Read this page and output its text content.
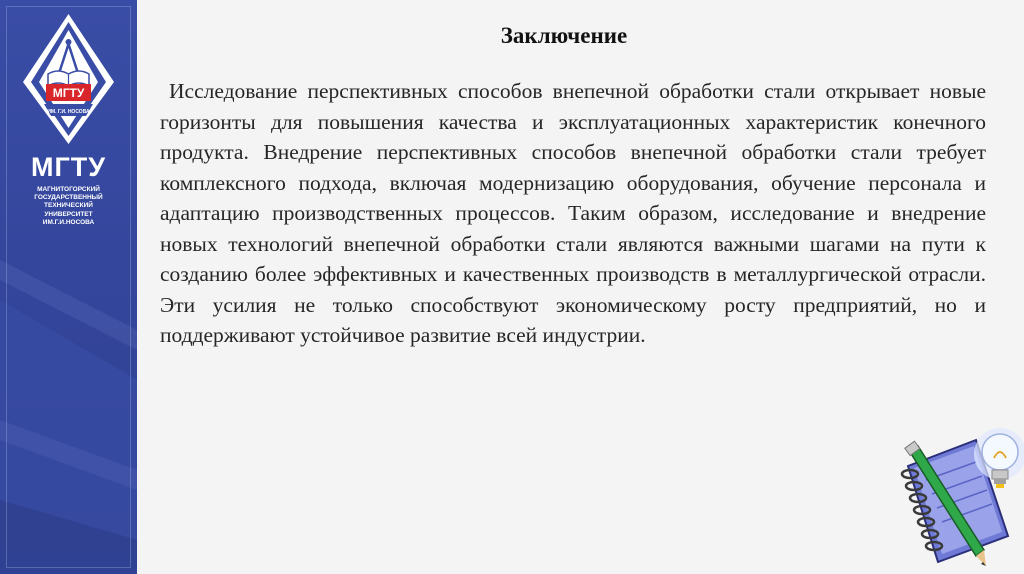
МГТУ
ИМ. Г.И. НОСОВА
МГТУ
МАГНИТОГОРСКИЙ
ГОСУДАРСТВЕННЫЙ
ТЕХНИЧЕСКИЙ
УНИВЕРСИТЕТ
ИМ.Г.И.НОСОВА
Заключение

Исследование перспективных способов внепечной обработки стали открывает новые горизонты для повышения качества и эксплуатационных характеристик конечного продукта. Внедрение перспективных способов внепечной обработки стали требует комплексного подхода, включая модернизацию оборудования, обучение персонала и адаптацию производственных процессов. Таким образом, исследование и внедрение новых технологий внепечной обработки стали являются важными шагами на пути к созданию более эффективных и качественных производств в металлургической отрасли. Эти усилия не только способствуют экономическому росту предприятий, но и поддерживают устойчивое развитие всей индустрии.
